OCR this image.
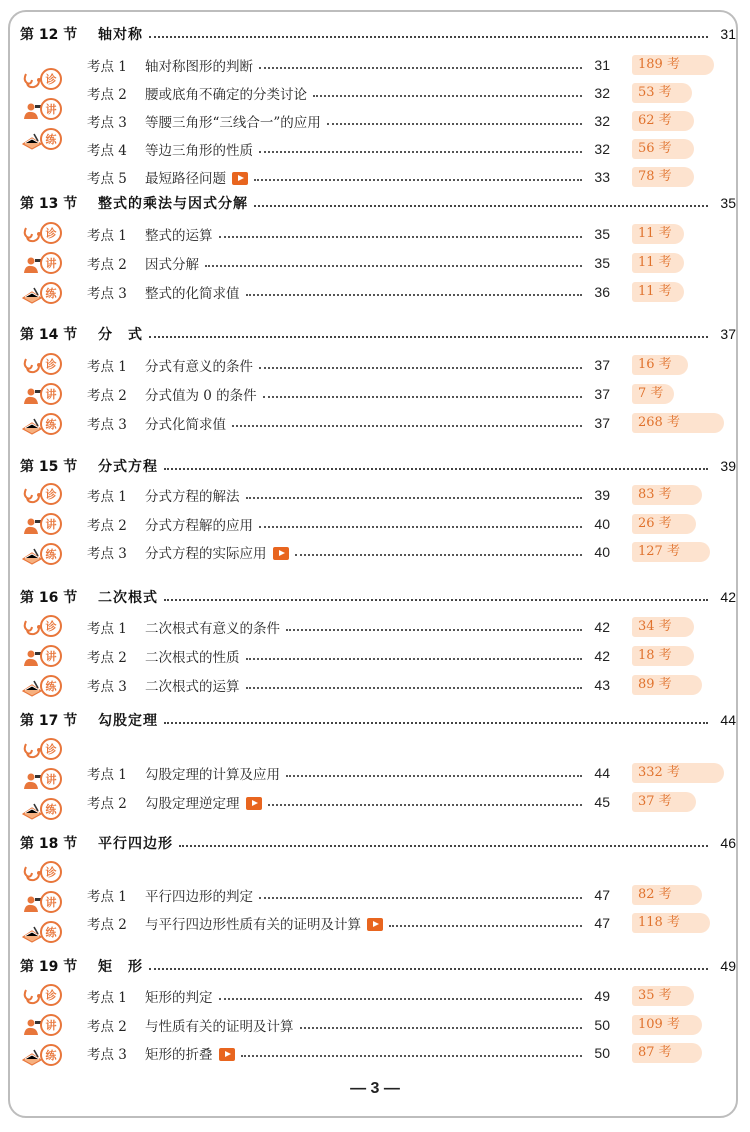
第 12 节	轴对称	31
诊
讲
练
考点 1	轴对称图形的判断	31	189 考
考点 2	腰或底角不确定的分类讨论	32	53 考
考点 3	等腰三角形“三线合一”的应用	32	62 考
考点 4	等边三角形的性质	32	56 考
考点 5	最短路径问题	33	78 考
第 13 节	整式的乘法与因式分解	35
诊
讲
练
考点 1	整式的运算	35	11 考
考点 2	因式分解	35	11 考
考点 3	整式的化简求值	36	11 考
第 14 节	分　式	37
诊
讲
练
考点 1	分式有意义的条件	37	16 考
考点 2	分式值为 0 的条件	37	7 考
考点 3	分式化简求值	37	268 考
第 15 节	分式方程	39
诊
讲
练
考点 1	分式方程的解法	39	83 考
考点 2	分式方程解的应用	40	26 考
考点 3	分式方程的实际应用	40	127 考
第 16 节	二次根式	42
诊
讲
练
考点 1	二次根式有意义的条件	42	34 考
考点 2	二次根式的性质	42	18 考
考点 3	二次根式的运算	43	89 考
第 17 节	勾股定理	44
诊
讲
练
考点 1	勾股定理的计算及应用	44	332 考
考点 2	勾股定理逆定理	45	37 考
第 18 节	平行四边形	46
诊
讲
练
考点 1	平行四边形的判定	47	82 考
考点 2	与平行四边形性质有关的证明及计算	47	118 考
第 19 节	矩　形	49
诊
讲
练
考点 1	矩形的判定	49	35 考
考点 2	与性质有关的证明及计算	50	109 考
考点 3	矩形的折叠	50	87 考
— 3 —
